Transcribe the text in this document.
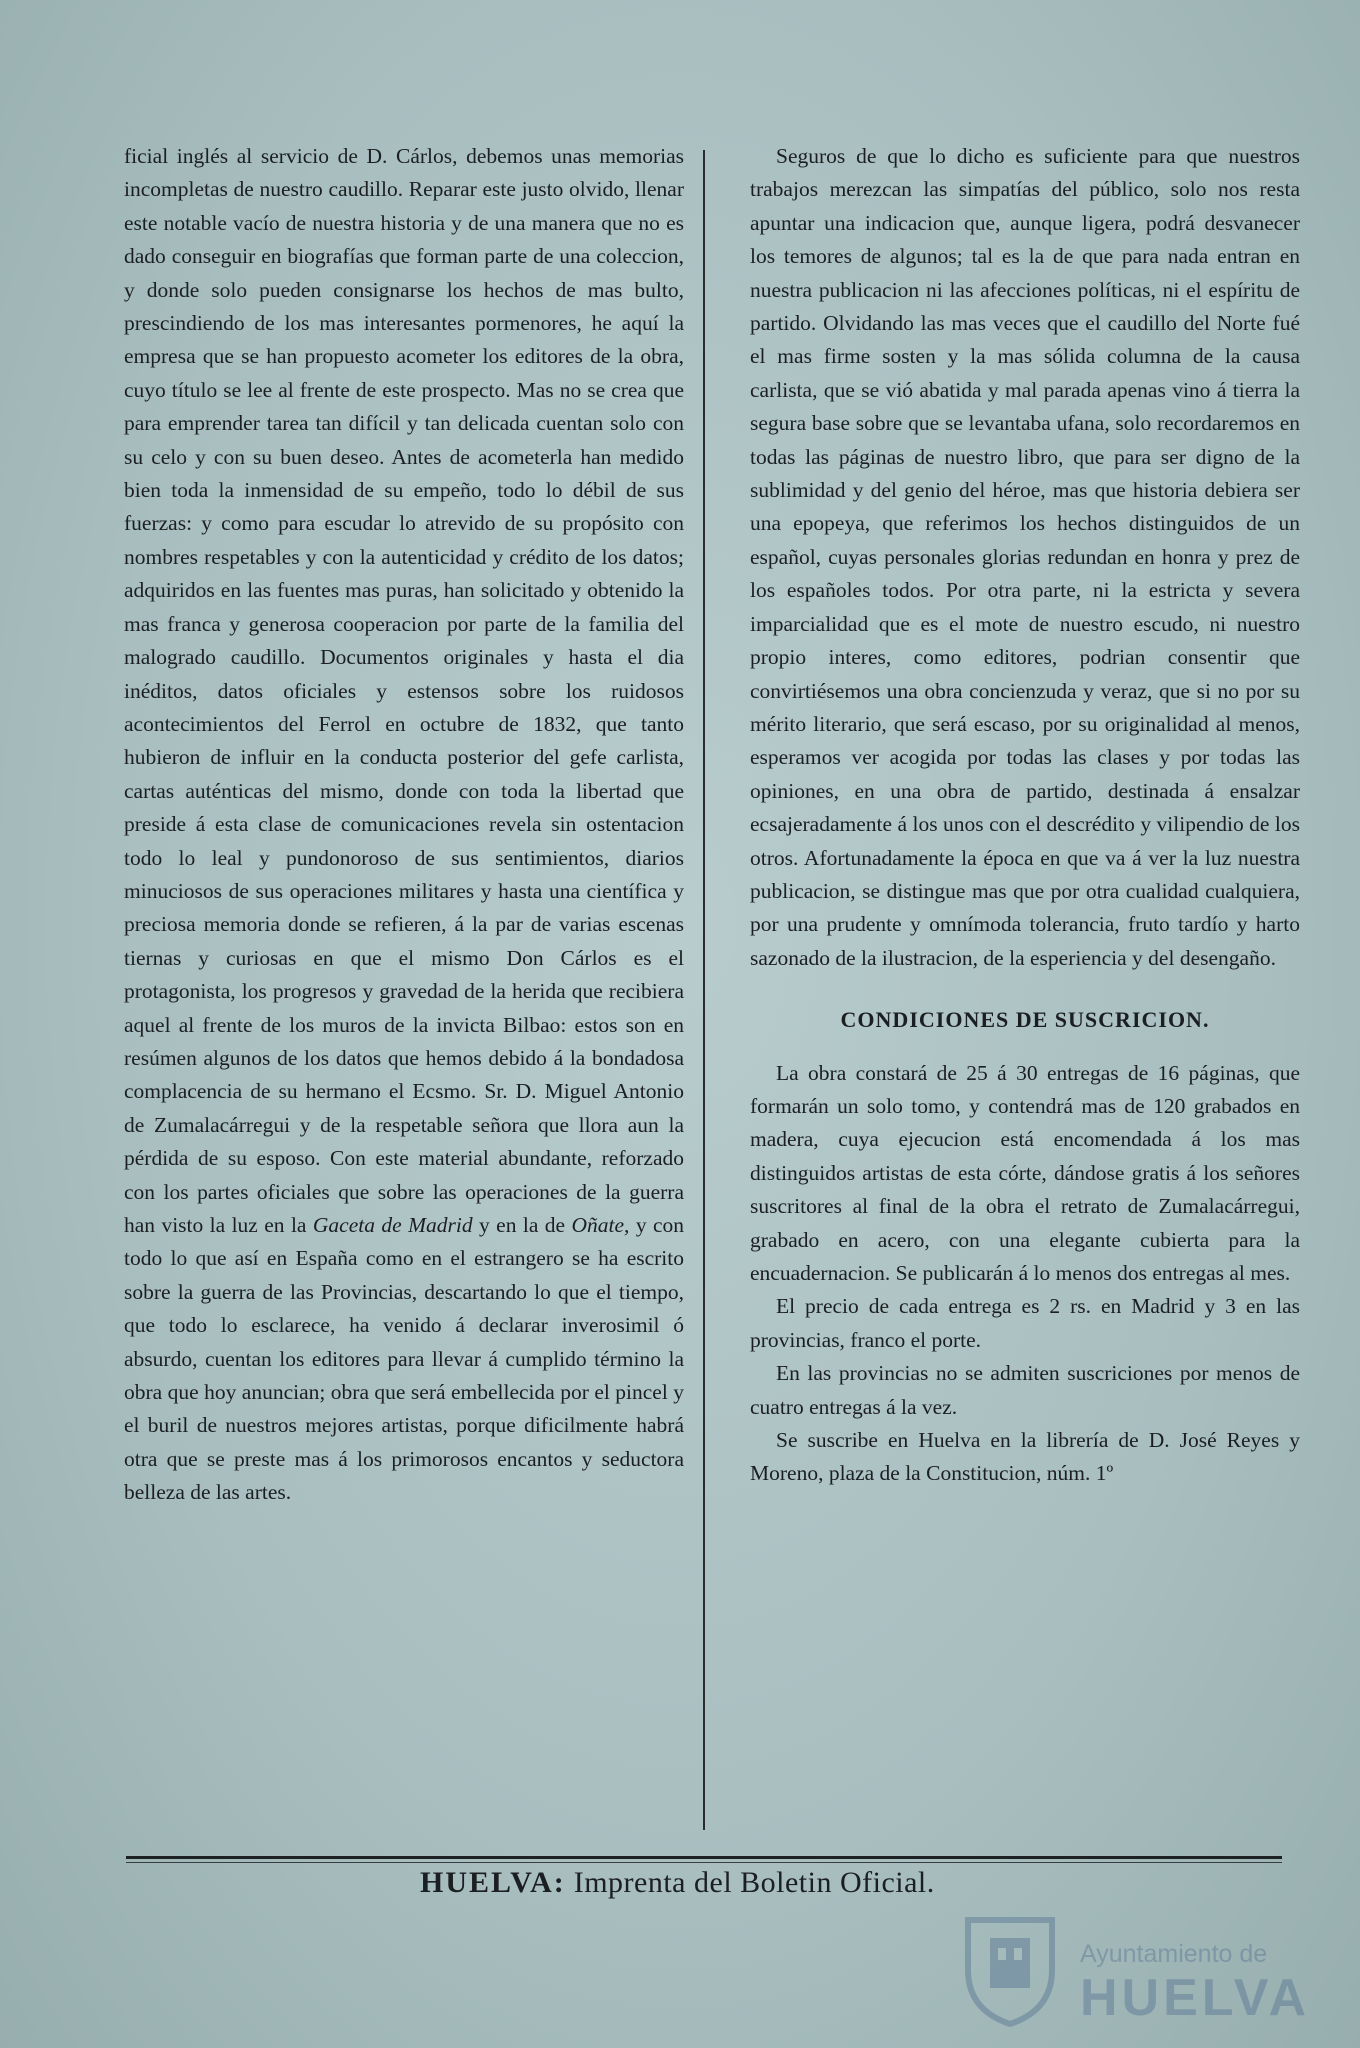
ficial inglés al servicio de D. Cárlos, debemos unas memorias incompletas de nuestro caudillo. Reparar este justo olvido, llenar este notable vacío de nuestra historia y de una manera que no es dado conseguir en biografías que forman parte de una coleccion, y donde solo pueden consignarse los hechos de mas bulto, prescindiendo de los mas interesantes pormenores, he aquí la empresa que se han propuesto acometer los editores de la obra, cuyo título se lee al frente de este prospecto. Mas no se crea que para emprender tarea tan difícil y tan delicada cuentan solo con su celo y con su buen deseo. Antes de acometerla han medido bien toda la inmensidad de su empeño, todo lo débil de sus fuerzas: y como para escudar lo atrevido de su propósito con nombres respetables y con la autenticidad y crédito de los datos; adquiridos en las fuentes mas puras, han solicitado y obtenido la mas franca y generosa cooperacion por parte de la familia del malogrado caudillo. Documentos originales y hasta el dia inéditos, datos oficiales y estensos sobre los ruidosos acontecimientos del Ferrol en octubre de 1832, que tanto hubieron de influir en la conducta posterior del gefe carlista, cartas auténticas del mismo, donde con toda la libertad que preside á esta clase de comunicaciones revela sin ostentacion todo lo leal y pundonoroso de sus sentimientos, diarios minuciosos de sus operaciones militares y hasta una científica y preciosa memoria donde se refieren, á la par de varias escenas tiernas y curiosas en que el mismo Don Cárlos es el protagonista, los progresos y gravedad de la herida que recibiera aquel al frente de los muros de la invicta Bilbao: estos son en resúmen algunos de los datos que hemos debido á la bondadosa complacencia de su hermano el Ecsmo. Sr. D. Miguel Antonio de Zumalacárregui y de la respetable señora que llora aun la pérdida de su esposo. Con este material abundante, reforzado con los partes oficiales que sobre las operaciones de la guerra han visto la luz en la Gaceta de Madrid y en la de Oñate, y con todo lo que así en España como en el estrangero se ha escrito sobre la guerra de las Provincias, descartando lo que el tiempo, que todo lo esclarece, ha venido á declarar inverosimil ó absurdo, cuentan los editores para llevar á cumplido término la obra que hoy anuncian; obra que será embellecida por el pincel y el buril de nuestros mejores artistas, porque dificilmente habrá otra que se preste mas á los primorosos encantos y seductora belleza de las artes.

Seguros de que lo dicho es suficiente para que nuestros trabajos merezcan las simpatías del público, solo nos resta apuntar una indicacion que, aunque ligera, podrá desvanecer los temores de algunos; tal es la de que para nada entran en nuestra publicacion ni las afecciones políticas, ni el espíritu de partido. Olvidando las mas veces que el caudillo del Norte fué el mas firme sosten y la mas sólida columna de la causa carlista, que se vió abatida y mal parada apenas vino á tierra la segura base sobre que se levantaba ufana, solo recordaremos en todas las páginas de nuestro libro, que para ser digno de la sublimidad y del genio del héroe, mas que historia debiera ser una epopeya, que referimos los hechos distinguidos de un español, cuyas personales glorias redundan en honra y prez de los españoles todos. Por otra parte, ni la estricta y severa imparcialidad que es el mote de nuestro escudo, ni nuestro propio interes, como editores, podrian consentir que convirtiésemos una obra concienzuda y veraz, que si no por su mérito literario, que será escaso, por su originalidad al menos, esperamos ver acogida por todas las clases y por todas las opiniones, en una obra de partido, destinada á ensalzar ecsajeradamente á los unos con el descrédito y vilipendio de los otros. Afortunadamente la época en que va á ver la luz nuestra publicacion, se distingue mas que por otra cualidad cualquiera, por una prudente y omnímoda tolerancia, fruto tardío y harto sazonado de la ilustracion, de la esperiencia y del desengaño.

CONDICIONES DE SUSCRICION.

La obra constará de 25 á 30 entregas de 16 páginas, que formarán un solo tomo, y contendrá mas de 120 grabados en madera, cuya ejecucion está encomendada á los mas distinguidos artistas de esta córte, dándose gratis á los señores suscritores al final de la obra el retrato de Zumalacárregui, grabado en acero, con una elegante cubierta para la encuadernacion. Se publicarán á lo menos dos entregas al mes.

El precio de cada entrega es 2 rs. en Madrid y 3 en las provincias, franco el porte.

En las provincias no se admiten suscriciones por menos de cuatro entregas á la vez.

Se suscribe en Huelva en la librería de D. José Reyes y Moreno, plaza de la Constitucion, núm. 1º

HUELVA: Imprenta del Boletin Oficial.
Ayuntamiento de
HUELVA
